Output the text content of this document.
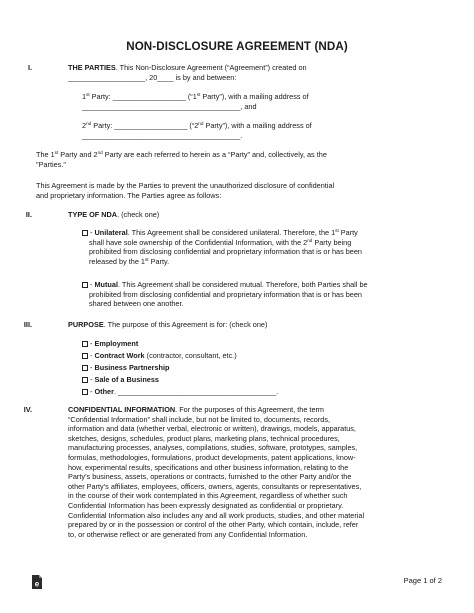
NON-DISCLOSURE AGREEMENT (NDA)
I.	THE PARTIES. This Non-Disclosure Agreement (“Agreement”) created on
___________________, 20____ is by and between:
1st Party: __________________ (“1st Party”), with a mailing address of
_______________________________________, and
2nd Party: __________________ (“2nd Party”), with a mailing address of
_______________________________________.
The 1st Party and 2nd Party are each referred to herein as a “Party” and, collectively, as the
"Parties."
This Agreement is made by the Parties to prevent the unauthorized disclosure of confidential
and proprietary information. The Parties agree as follows:
II.	TYPE OF NDA. (check one)
- Unilateral. This Agreement shall be considered unilateral. Therefore, the 1st Party
shall have sole ownership of the Confidential Information, with the 2nd Party being
prohibited from disclosing confidential and proprietary information that is or has been
released by the 1st Party.
- Mutual. This Agreement shall be considered mutual. Therefore, both Parties shall be
prohibited from disclosing confidential and proprietary information that is or has been
shared between one another.
III.	PURPOSE. The purpose of this Agreement is for: (check one)
- Employment
- Contract Work (contractor, consultant, etc.)
- Business Partnership
- Sale of a Business
- Other. _______________________________________.
IV.	CONFIDENTIAL INFORMATION. For the purposes of this Agreement, the term
“Confidential Information” shall include, but not be limited to, documents, records,
information and data (whether verbal, electronic or written), drawings, models, apparatus,
sketches, designs, schedules, product plans, marketing plans, technical procedures,
manufacturing processes, analyses, compilations, studies, software, prototypes, samples,
formulas, methodologies, formulations, product developments, patent applications, know-
how, experimental results, specifications and other business information, relating to the
Party’s business, assets, operations or contracts, furnished to the other Party and/or the
other Party’s affiliates, employees, officers, owners, agents, consultants or representatives,
in the course of their work contemplated in this Agreement, regardless of whether such
Confidential Information has been expressly designated as confidential or proprietary.
Confidential Information also includes any and all work products, studies, and other material
prepared by or in the possession or control of the other Party, which contain, include, refer
to, or otherwise reflect or are generated from any Confidential Information.
e	Page 1 of 2
